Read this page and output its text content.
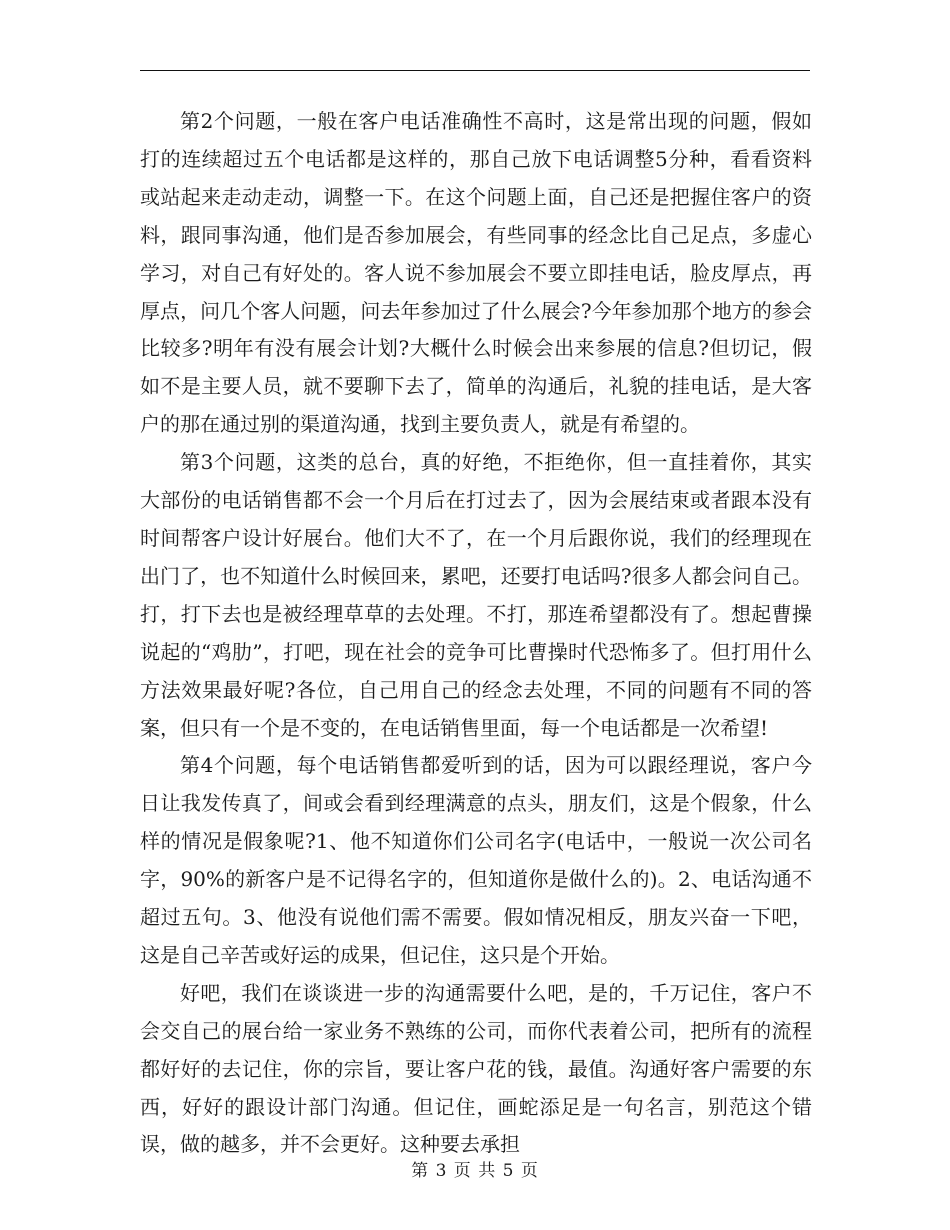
第2个问题，一般在客户电话准确性不高时，这是常出现的问题，假如打的连续超过五个电话都是这样的，那自己放下电话调整5分种，看看资料或站起来走动走动，调整一下。在这个问题上面，自己还是把握住客户的资料，跟同事沟通，他们是否参加展会，有些同事的经念比自己足点，多虚心学习，对自己有好处的。客人说不参加展会不要立即挂电话，脸皮厚点，再厚点，问几个客人问题，问去年参加过了什么展会?今年参加那个地方的参会比较多?明年有没有展会计划?大概什么时候会出来参展的信息?但切记，假如不是主要人员，就不要聊下去了，简单的沟通后，礼貌的挂电话，是大客户的那在通过别的渠道沟通，找到主要负责人，就是有希望的。

第3个问题，这类的总台，真的好绝，不拒绝你，但一直挂着你，其实大部份的电话销售都不会一个月后在打过去了，因为会展结束或者跟本没有时间帮客户设计好展台。他们大不了，在一个月后跟你说，我们的经理现在出门了，也不知道什么时候回来，累吧，还要打电话吗?很多人都会问自己。打，打下去也是被经理草草的去处理。不打，那连希望都没有了。想起曹操说起的“鸡肋”，打吧，现在社会的竞争可比曹操时代恐怖多了。但打用什么方法效果最好呢?各位，自己用自己的经念去处理，不同的问题有不同的答案，但只有一个是不变的，在电话销售里面，每一个电话都是一次希望!

第4个问题，每个电话销售都爱听到的话，因为可以跟经理说，客户今日让我发传真了，间或会看到经理满意的点头，朋友们，这是个假象，什么样的情况是假象呢?1、他不知道你们公司名字(电话中，一般说一次公司名字，90%的新客户是不记得名字的，但知道你是做什么的)。2、电话沟通不超过五句。3、他没有说他们需不需要。假如情况相反，朋友兴奋一下吧，这是自己辛苦或好运的成果，但记住，这只是个开始。

好吧，我们在谈谈进一步的沟通需要什么吧，是的，千万记住，客户不会交自己的展台给一家业务不熟练的公司，而你代表着公司，把所有的流程都好好的去记住，你的宗旨，要让客户花的钱，最值。沟通好客户需要的东西，好好的跟设计部门沟通。但记住，画蛇添足是一句名言，别范这个错误，做的越多，并不会更好。这种要去承担

第 3 页 共 5 页
